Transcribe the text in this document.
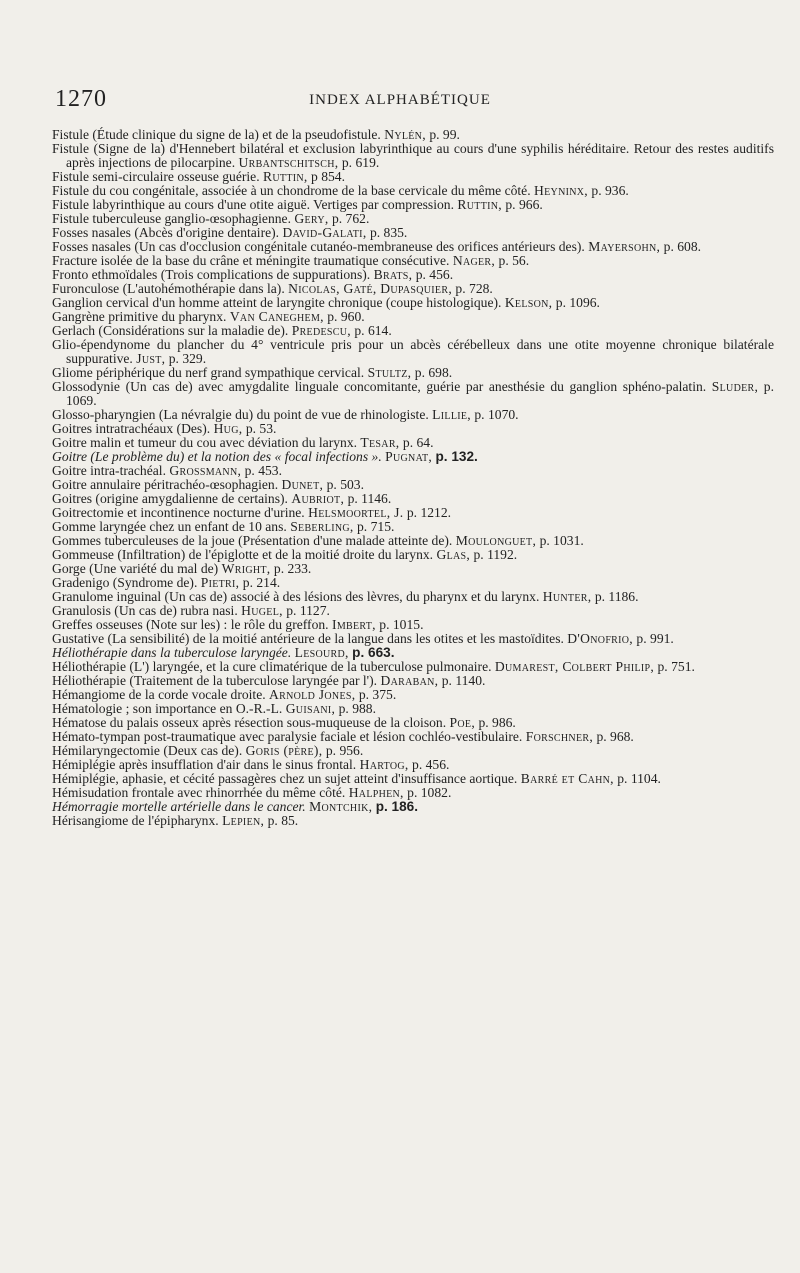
1270	INDEX ALPHABÉTIQUE

Fistule (Étude clinique du signe de la) et de la pseudofistule. Nylén, p. 99.

Fistule (Signe de la) d'Hennebert bilatéral et exclusion labyrinthique au cours d'une syphilis héréditaire. Retour des restes auditifs après injections de pilocarpine. Urbantschitsch, p. 619.

Fistule semi-circulaire osseuse guérie. Ruttin, p 854.

Fistule du cou congénitale, associée à un chondrome de la base cervicale du même côté. Heyninx, p. 936.

Fistule labyrinthique au cours d'une otite aiguë. Vertiges par compression. Ruttin, p. 966.

Fistule tuberculeuse ganglio-œsophagienne. Gery, p. 762.

Fosses nasales (Abcès d'origine dentaire). David-Galati, p. 835.

Fosses nasales (Un cas d'occlusion congénitale cutanéo-membraneuse des orifices antérieurs des). Mayersohn, p. 608.

Fracture isolée de la base du crâne et méningite traumatique consécutive. Nager, p. 56.

Fronto ethmoïdales (Trois complications de suppurations). Brats, p. 456.

Furonculose (L'autohémothérapie dans la). Nicolas, Gaté, Dupasquier, p. 728.

Ganglion cervical d'un homme atteint de laryngite chronique (coupe histologique). Kelson, p. 1096.

Gangrène primitive du pharynx. Van Caneghem, p. 960.

Gerlach (Considérations sur la maladie de). Predescu, p. 614.

Glio-épendynome du plancher du 4° ventricule pris pour un abcès cérébelleux dans une otite moyenne chronique bilatérale suppurative. Just, p. 329.

Gliome périphérique du nerf grand sympathique cervical. Stultz, p. 698.

Glossodynie (Un cas de) avec amygdalite linguale concomitante, guérie par anesthésie du ganglion sphéno-palatin. Sluder, p. 1069.

Glosso-pharyngien (La névralgie du) du point de vue de rhinologiste. Lillie, p. 1070.

Goitres intratrachéaux (Des). Hug, p. 53.

Goitre malin et tumeur du cou avec déviation du larynx. Tesar, p. 64.

Goitre (Le problème du) et la notion des « focal infections ». Pugnat, p. 132.

Goitre intra-trachéal. Grossmann, p. 453.

Goitre annulaire péritrachéo-œsophagien. Dunet, p. 503.

Goitres (origine amygdalienne de certains). Aubriot, p. 1146.

Goitrectomie et incontinence nocturne d'urine. Helsmoortel, J. p. 1212.

Gomme laryngée chez un enfant de 10 ans. Seberling, p. 715.

Gommes tuberculeuses de la joue (Présentation d'une malade atteinte de). Moulonguet, p. 1031.

Gommeuse (Infiltration) de l'épiglotte et de la moitié droite du larynx. Glas, p. 1192.

Gorge (Une variété du mal de) Wright, p. 233.

Gradenigo (Syndrome de). Pietri, p. 214.

Granulome inguinal (Un cas de) associé à des lésions des lèvres, du pharynx et du larynx. Hunter, p. 1186.

Granulosis (Un cas de) rubra nasi. Hugel, p. 1127.

Greffes osseuses (Note sur les) : le rôle du greffon. Imbert, p. 1015.

Gustative (La sensibilité) de la moitié antérieure de la langue dans les otites et les mastoïdites. D'Onofrio, p. 991.

Héliothérapie dans la tuberculose laryngée. Lesourd, p. 663.

Héliothérapie (L') laryngée, et la cure climatérique de la tuberculose pulmonaire. Dumarest, Colbert Philip, p. 751.

Héliothérapie (Traitement de la tuberculose laryngée par l'). Daraban, p. 1140.

Hémangiome de la corde vocale droite. Arnold Jones, p. 375.

Hématologie ; son importance en O.-R.-L. Guisani, p. 988.

Hématose du palais osseux après résection sous-muqueuse de la cloison. Poe, p. 986.

Hémato-tympan post-traumatique avec paralysie faciale et lésion cochléo-vestibulaire. Forschner, p. 968.

Hémilaryngectomie (Deux cas de). Goris (père), p. 956.

Hémiplégie après insufflation d'air dans le sinus frontal. Hartog, p. 456.

Hémiplégie, aphasie, et cécité passagères chez un sujet atteint d'insuffisance aortique. Barré et Cahn, p. 1104.

Hémisudation frontale avec rhinorrhée du même côté. Halphen, p. 1082.

Hémorragie mortelle artérielle dans le cancer. Montchik, p. 186.

Hérisangiome de l'épipharynx. Lepien, p. 85.
